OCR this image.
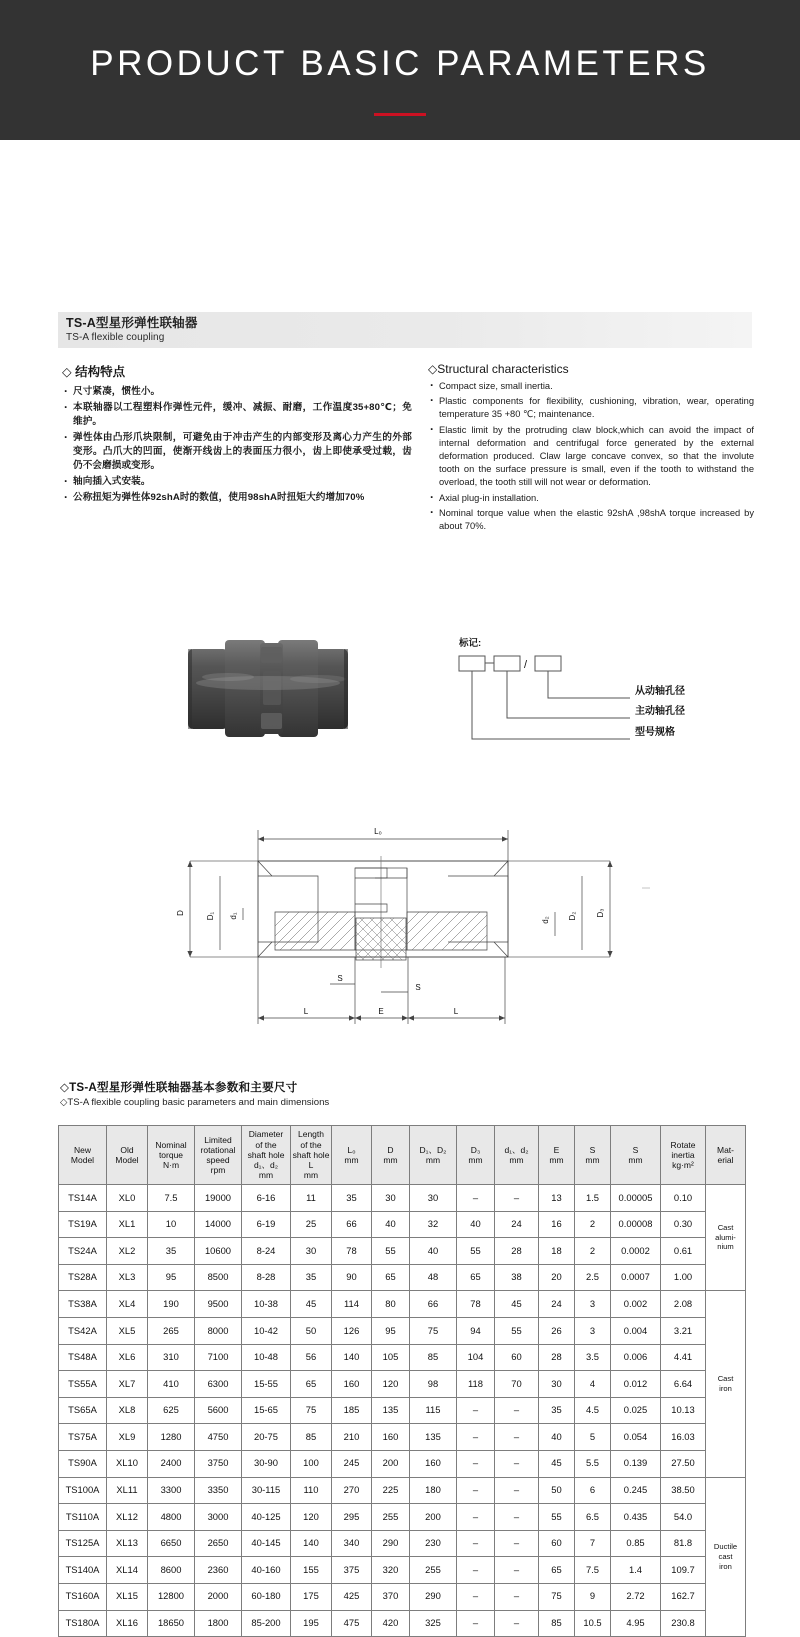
PRODUCT BASIC PARAMETERS
TS-A型星形弹性联轴器
TS-A flexible coupling
◇ 结构特点
· 尺寸紧凑，惯性小。
· 本联轴器以工程塑料作弹性元件，缓冲、减振、耐磨，工作温度35+80℃；免维护。
· 弹性体由凸形爪块限制，可避免由于冲击产生的内部变形及离心力产生的外部变形。凸爪大的凹面，使渐开线齿上的表面压力很小，齿上即使承受过载，齿仍不会磨损或变形。
· 轴向插入式安装。
· 公称扭矩为弹性体92shA时的数值，使用98shA时扭矩大约增加70%
◇Structural characteristics
· Compact size, small inertia.
· Plastic components for flexibility, cushioning, vibration, wear, operating temperature 35 +80 ℃; maintenance.
· Elastic limit by the protruding claw block,which can avoid the impact of internal deformation and centrifugal force generated by the external deformation produced. Claw large concave convex, so that the involute tooth on the surface pressure is small, even if the tooth to withstand the overload, the tooth still will not wear or deformation.
· Axial plug-in installation.
· Nominal torque value when the elastic 92shA ,98shA torque increased by about 70%.
标记:
/
从动轴孔径
主动轴孔径
型号规格
L₀
D	D₁ d₁	D₃
D₂
d₂
S
S
L	E	L
◇TS-A型星形弹性联轴器基本参数和主要尺寸
◇TS-A flexible coupling basic parameters and main dimensions
New
Model	Old
Model	Nominal
torque
N·m	Limited
rotational
speed
rpm	Diameter
of the
shaft hole
d₁、d₂
mm	Length
of the
shaft hole
L
mm	L₀
mm	D
mm	D₁、D₂
mm	D₃
mm	d₁、d₂
mm	E
mm	S
mm	S
mm	Rotate
inertia
kg·m²	Mat-
erial
TS14A	XL0	7.5	19000	6-16	11	35	30	30	–	–	13	1.5	0.00005	0.10	Cast
alumi-
nium
TS19A	XL1	10	14000	6-19	25	66	40	32	40	24	16	2	0.00008	0.30	
TS24A	XL2	35	10600	8-24	30	78	55	40	55	28	18	2	0.0002	0.61	
TS28A	XL3	95	8500	8-28	35	90	65	48	65	38	20	2.5	0.0007	1.00	
TS38A	XL4	190	9500	10-38	45	114	80	66	78	45	24	3	0.002	2.08	Cast
iron
TS42A	XL5	265	8000	10-42	50	126	95	75	94	55	26	3	0.004	3.21	
TS48A	XL6	310	7100	10-48	56	140	105	85	104	60	28	3.5	0.006	4.41	
TS55A	XL7	410	6300	15-55	65	160	120	98	118	70	30	4	0.012	6.64	
TS65A	XL8	625	5600	15-65	75	185	135	115	–	–	35	4.5	0.025	10.13	
TS75A	XL9	1280	4750	20-75	85	210	160	135	–	–	40	5	0.054	16.03	
TS90A	XL10	2400	3750	30-90	100	245	200	160	–	–	45	5.5	0.139	27.50	
TS100A	XL11	3300	3350	30-115	110	270	225	180	–	–	50	6	0.245	38.50	Ductile
cast
iron
TS110A	XL12	4800	3000	40-125	120	295	255	200	–	–	55	6.5	0.435	54.0	
TS125A	XL13	6650	2650	40-145	140	340	290	230	–	–	60	7	0.85	81.8	
TS140A	XL14	8600	2360	40-160	155	375	320	255	–	–	65	7.5	1.4	109.7	
TS160A	XL15	12800	2000	60-180	175	425	370	290	–	–	75	9	2.72	162.7	
TS180A	XL16	18650	1800	85-200	195	475	420	325	–	–	85	10.5	4.95	230.8	
